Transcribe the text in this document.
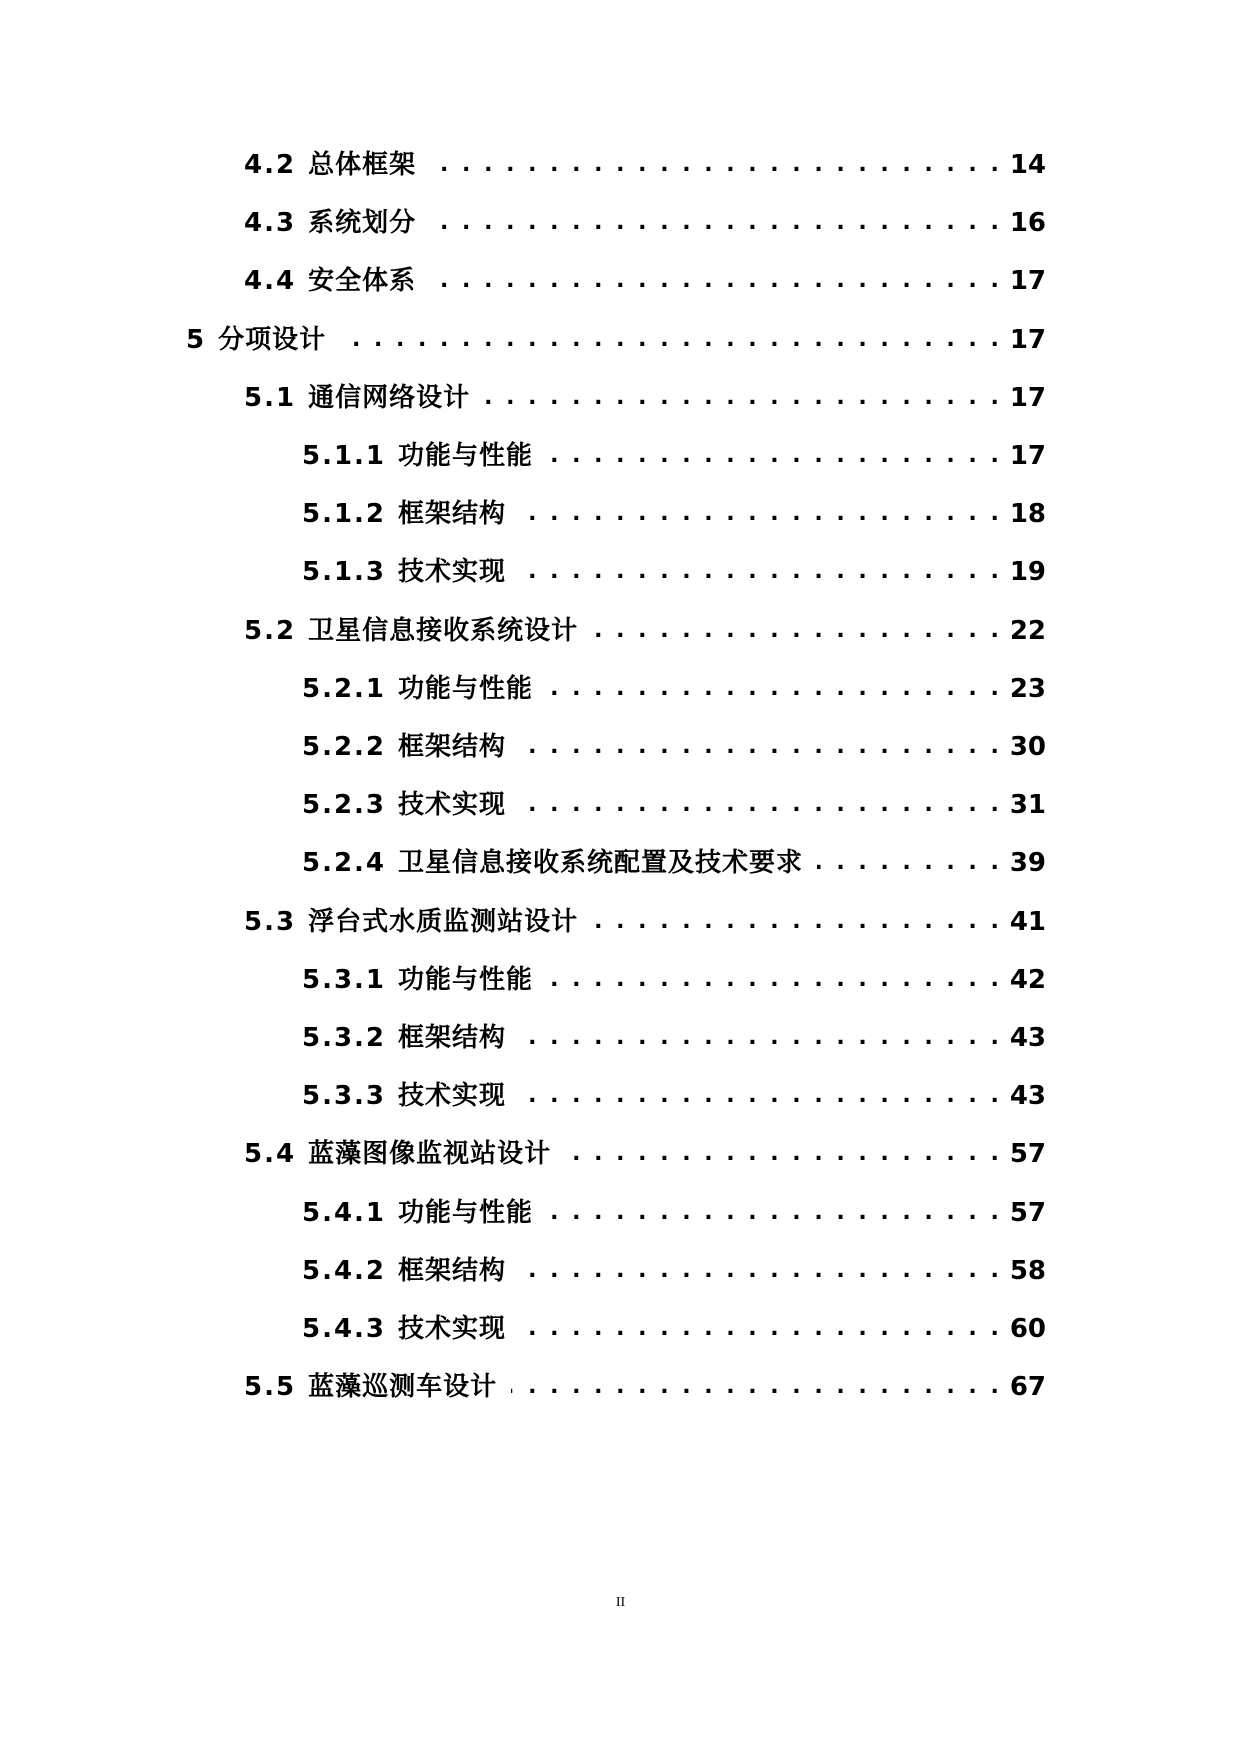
4.2 总体框架 . . .	14
4.3 系统划分 . . .	16
4.4 安全体系 . . .	17
5 分项设计 . . .	17
5.1 通信网络设计 . . .	17
5.1.1 功能与性能 . . .	17
5.1.2 框架结构 . . .	18
5.1.3 技术实现 . . .	19
5.2 卫星信息接收系统设计 . . .	22
5.2.1 功能与性能 . . .	23
5.2.2 框架结构 . . .	30
5.2.3 技术实现 . . .	31
5.2.4 卫星信息接收系统配置及技术要求 . . .	39
5.3 浮台式水质监测站设计 . . .	41
5.3.1 功能与性能 . . .	42
5.3.2 框架结构 . . .	43
5.3.3 技术实现 . . .	43
5.4 蓝藻图像监视站设计 . . .	57
5.4.1 功能与性能 . . .	57
5.4.2 框架结构 . . .	58
5.4.3 技术实现 . . .	60
5.5 蓝藻巡测车设计 . . .	67
II
